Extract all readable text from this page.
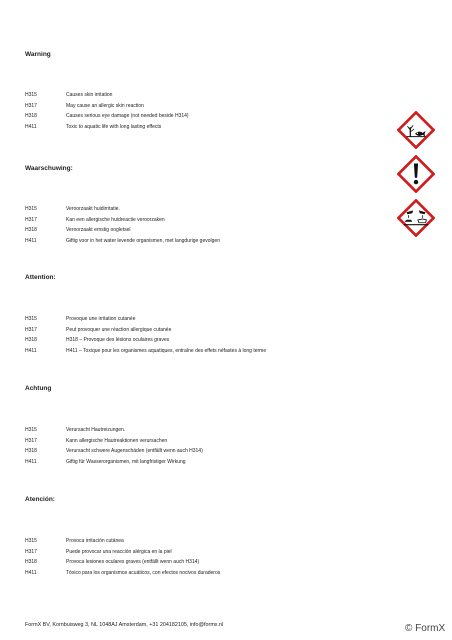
Warning
H315	Causes skin irritation
H317	May cause an allergic skin reaction
H318	Causes serious eye damage (not needed beside H314)
H411	Toxic to aquatic life with long lasting effects
Waarschuwing:
H315	Veroorzaakt huidirritatie.
H317	Kan een allergische huidreactie veroorzaken
H318	Veroorzaakt ernstig oogletsel
H411	Giftig voor in het water levende organismen, met langdurige gevolgen
Attention:
H315	Provoque une irritation cutanée
H317	Peut provoquer une réaction allergique cutanée
H318	H318 – Provoque des lésions oculaires graves
H411	H411 – Toxique pour les organismes aquatiques, entraîne des effets néfastes à long terme
Achtung
H315	Verursacht Hautreizungen.
H317	Kann allergische Hautreaktionen verursachen
H318	Verursacht schwere Augenschäden (entfällt wenn auch H314)
H411	Giftig für Wasserorganismen, mit langfristiger Wirkung
Atención:
H315	Provoca irritación cutánea
H317	Puede provocar una reacción alérgica en la piel
H318	Provoca lesiones oculares graves (entfällt wenn auch H314)
H411	Tóxico para los organismos acuáticos, con efectos nocivos duraderos

FormX BV, Kornbuisweg 3, NL 1048AJ Amsterdam, +31 204182105, info@formx.nl	© FormX
